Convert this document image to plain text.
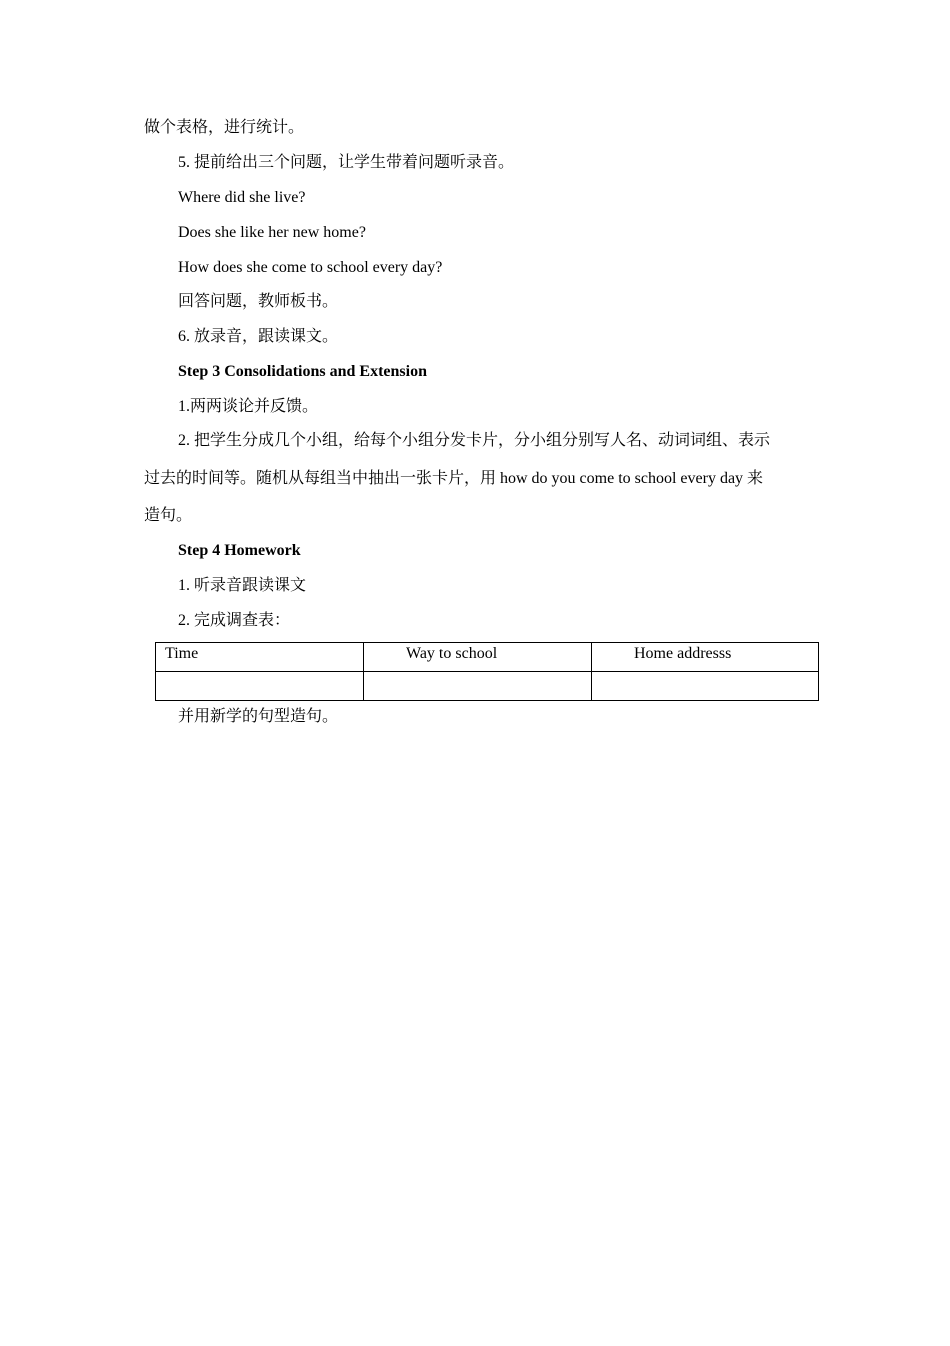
做个表格，进行统计。
5. 提前给出三个问题，让学生带着问题听录音。
Where did she live?
Does she like her new home?
How does she come to school every day?
回答问题，教师板书。
6. 放录音，跟读课文。
Step 3 Consolidations and Extension
1.两两谈论并反馈。
2. 把学生分成几个小组，给每个小组分发卡片，分小组分别写人名、动词词组、表示
过去的时间等。随机从每组当中抽出一张卡片，用 how do you come to school every day 来
造句。
Step 4 Homework
1. 听录音跟读课文
2. 完成调查表：
Time	Way to school	Home addresss

并用新学的句型造句。
